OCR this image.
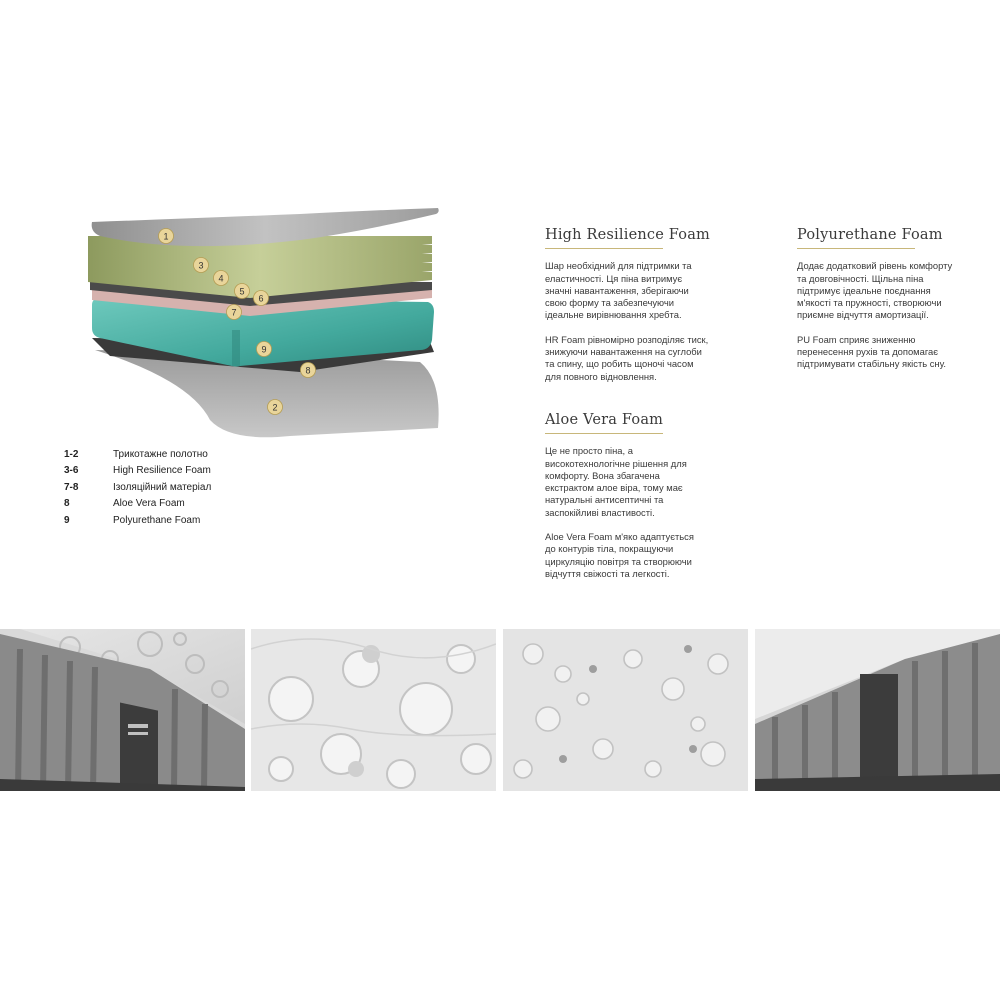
1
2
3
4
5
6
7
8
9
1-2	Трикотажне полотно
3-6	High Resilience Foam
7-8	Ізоляційний матеріал
8	Aloe Vera Foam
9	Polyurethane Foam
High Resilience Foam

Шар необхідний для підтримки та еластичності. Ця піна витримує значні навантаження, зберігаючи свою форму та забезпечуючи ідеальне вирівнювання хребта.

HR Foam рівномірно розподіляє тиск, знижуючи навантаження на суглоби та спину, що робить щоночі часом для повного відновлення.

Polyurethane Foam

Додає додатковий рівень комфорту та довговічності. Щільна піна підтримує ідеальне поєднання м'якості та пружності, створюючи приємне відчуття амортизації.

PU Foam сприяє зниженню перенесення рухів та допомагає підтримувати стабільну якість сну.

Aloe Vera Foam

Це не просто піна, а високотехнологічне рішення для комфорту. Вона збагачена екстрактом алое віра, тому має натуральні антисептичні та заспокійливі властивості.

Aloe Vera Foam м'яко адаптується до контурів тіла, покращуючи циркуляцію повітря та створюючи відчуття свіжості та легкості.
